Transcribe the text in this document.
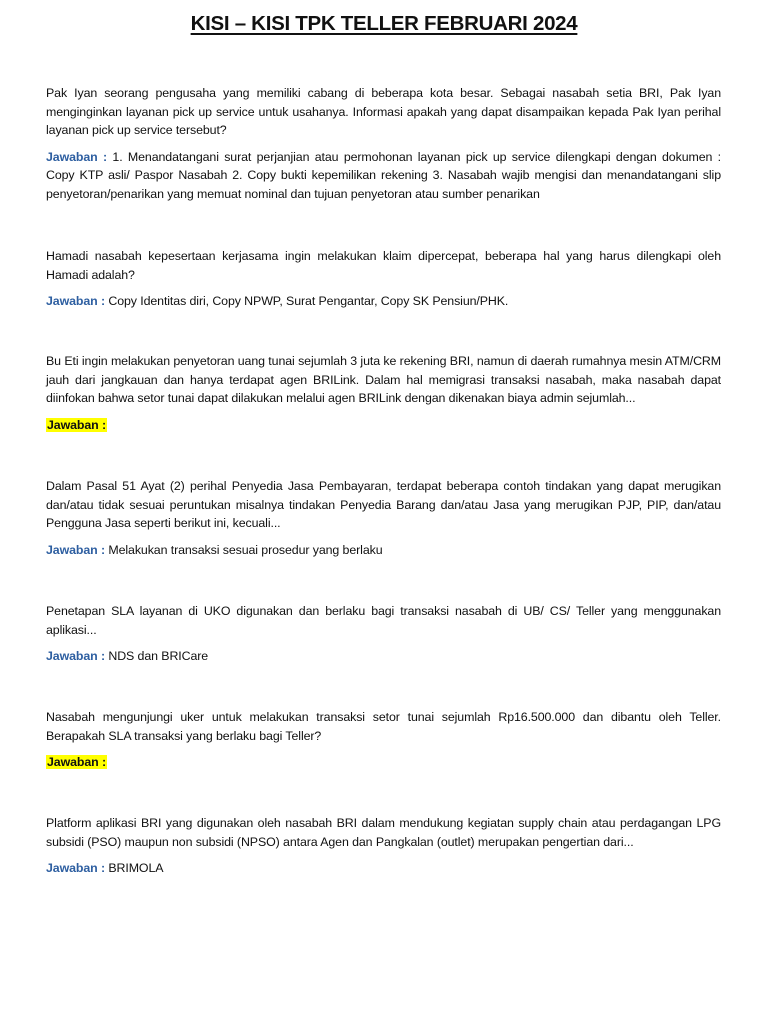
KISI – KISI TPK TELLER FEBRUARI 2024

Pak Iyan seorang pengusaha yang memiliki cabang di beberapa kota besar. Sebagai nasabah setia BRI, Pak Iyan menginginkan layanan pick up service untuk usahanya. Informasi apakah yang dapat disampaikan kepada Pak Iyan perihal layanan pick up service tersebut?

Jawaban : 1. Menandatangani surat perjanjian atau permohonan layanan pick up service dilengkapi dengan dokumen : Copy KTP asli/ Paspor Nasabah 2. Copy bukti kepemilikan rekening 3. Nasabah wajib mengisi dan menandatangani slip penyetoran/penarikan yang memuat nominal dan tujuan penyetoran atau sumber penarikan

Hamadi nasabah kepesertaan kerjasama ingin melakukan klaim dipercepat, beberapa hal yang harus dilengkapi oleh Hamadi adalah?

Jawaban : Copy Identitas diri, Copy NPWP, Surat Pengantar, Copy SK Pensiun/PHK.

Bu Eti ingin melakukan penyetoran uang tunai sejumlah 3 juta ke rekening BRI, namun di daerah rumahnya mesin ATM/CRM jauh dari jangkauan dan hanya terdapat agen BRILink. Dalam hal memigrasi transaksi nasabah, maka nasabah dapat diinfokan bahwa setor tunai dapat dilakukan melalui agen BRILink dengan dikenakan biaya admin sejumlah...

Jawaban :

Dalam Pasal 51 Ayat (2) perihal Penyedia Jasa Pembayaran, terdapat beberapa contoh tindakan yang dapat merugikan dan/atau tidak sesuai peruntukan misalnya tindakan Penyedia Barang dan/atau Jasa yang merugikan PJP, PIP, dan/atau Pengguna Jasa seperti berikut ini, kecuali...

Jawaban : Melakukan transaksi sesuai prosedur yang berlaku

Penetapan SLA layanan di UKO digunakan dan berlaku bagi transaksi nasabah di UB/ CS/ Teller yang menggunakan aplikasi...

Jawaban : NDS dan BRICare

Nasabah mengunjungi uker untuk melakukan transaksi setor tunai sejumlah Rp16.500.000 dan dibantu oleh Teller. Berapakah SLA transaksi yang berlaku bagi Teller?

Jawaban :

Platform aplikasi BRI yang digunakan oleh nasabah BRI dalam mendukung kegiatan supply chain atau perdagangan LPG subsidi (PSO) maupun non subsidi (NPSO) antara Agen dan Pangkalan (outlet) merupakan pengertian dari...

Jawaban : BRIMOLA
